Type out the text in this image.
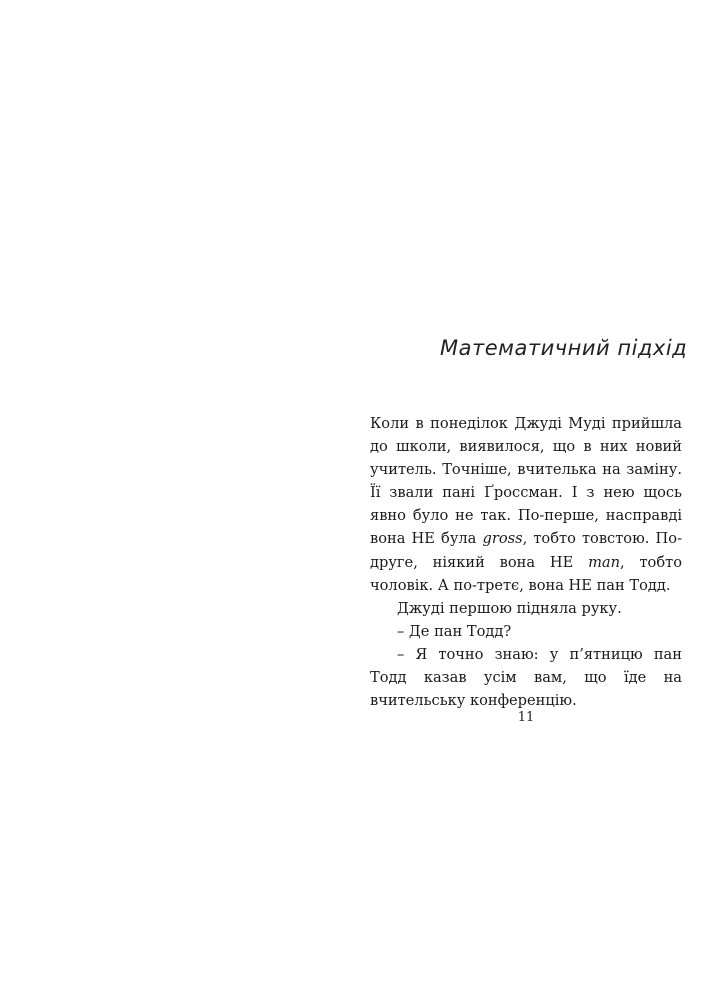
Математичний підхід

Коли в понеділок Джуді Муді прийшла до школи, виявилося, що в них новий учитель. Точніше, вчителька на заміну. Її звали пані Ґроссман. І з нею щось явно було не так. По-перше, насправді вона НЕ була gross, тобто товстою. По-друге, ніякий вона НЕ man, тобто чоловік. А по-третє, вона НЕ пан Тодд.

Джуді першою підняла руку.

– Де пан Тодд?

– Я точно знаю: у п’ятницю пан Тодд казав усім вам, що їде на вчительську конференцію.

11
